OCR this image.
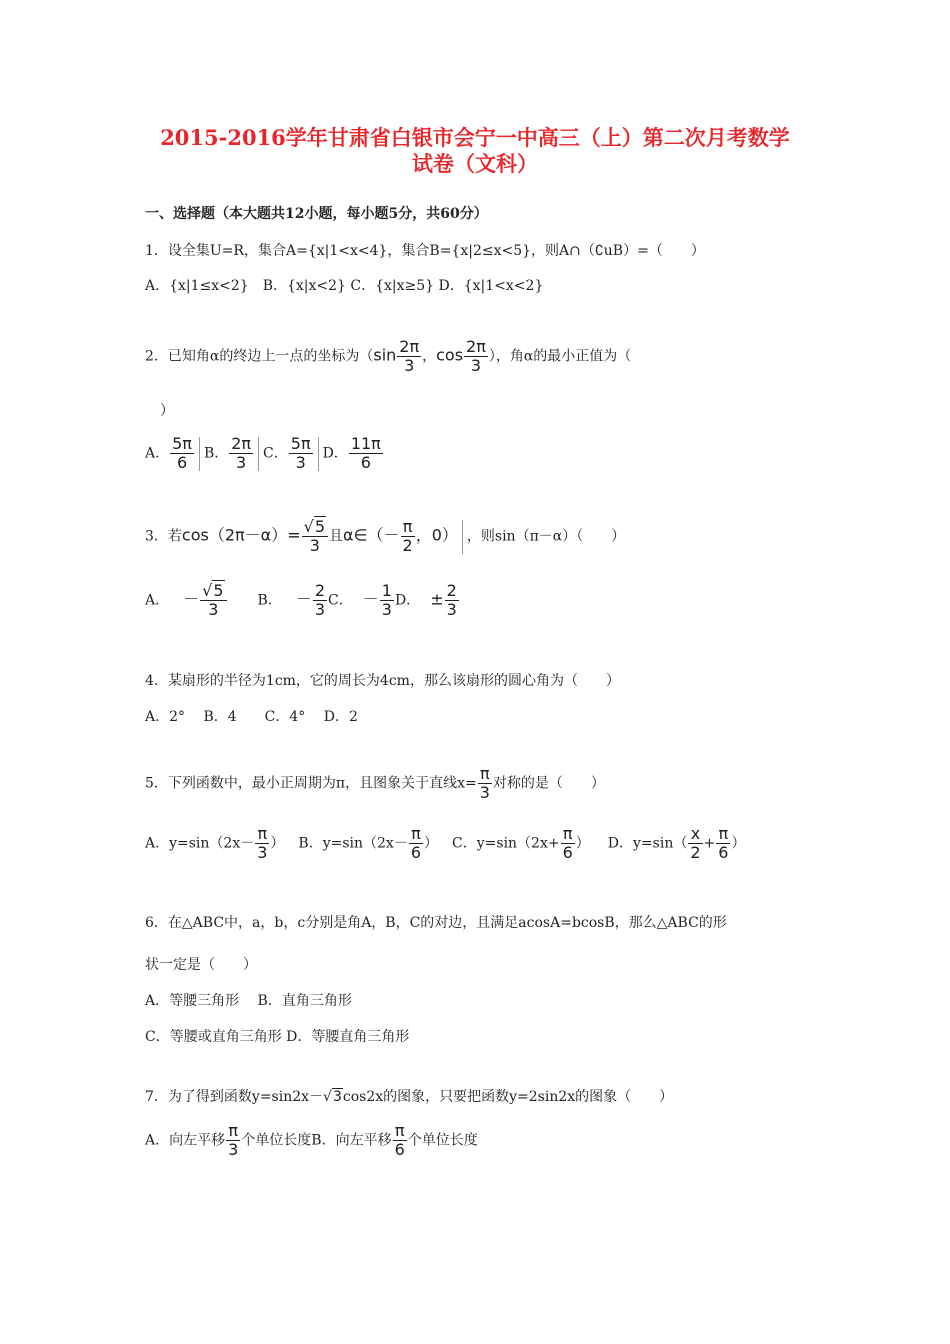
2015-2016学年甘肃省白银市会宁一中高三（上）第二次月考数学
试卷（文科）
一、选择题（本大题共12小题，每小题5分，共60分）
1．设全集U=R，集合A={x|1<x<4}，集合B={x|2≤x<5}，则A∩（∁uB）=（　　）
A．{x|1≤x<2}　B．{x|x<2} C．{x|x≥5} D．{x|1<x<2}
2．已知角α的终边上一点的坐标为（$\sin \frac{2\pi}{3}$ ，$\cos \frac{2\pi}{3}$ ），角α的最小正值为（
）
A． $\frac{5\pi}{6}$ B． $\frac{2\pi}{3}$ C． $\frac{5\pi}{3}$ D． $\frac{11\pi}{6}$
3．若$\cos(2\pi-\alpha)= \frac{√5}{3}$ 且α∈（－ $\frac{\pi}{2}$ ，0） ，则sin（π－α）（　　）
A． － $\frac{√5}{3}$ B． － $\frac{2}{3}$ C． － $\frac{1}{3}$ D． ± $\frac{2}{3}$
4．某扇形的半径为1cm，它的周长为4cm，那么该扇形的圆心角为（　　）
A．2°　 B．4　　C．4°　 D．2
5．下列函数中，最小正周期为π，且图象关于直线$x= \frac{\pi}{3}$ 对称的是（　　）
A．$y=\sin(2x- \frac{\pi}{3}$ ） B．$y=\sin(2x- \frac{\pi}{6}$ ） C．$y=\sin(2x+ \frac{\pi}{6}$ ） D．$y=\sin( \frac{x}{2} + \frac{\pi}{6}$ ）
6．在△ABC中，a，b，c分别是角A，B，C的对边，且满足acosA=bcosB，那么△ABC的形
状一定是（　　）
A．等腰三角形　 B．直角三角形
C．等腰或直角三角形 D．等腰直角三角形
7．为了得到函数y=sin2x－√3cos2x的图象，只要把函数y=2sin2x的图象（　　）
A．向左平移 $\frac{\pi}{3}$ 个单位长度B．向左平移 $\frac{\pi}{6}$ 个单位长度
